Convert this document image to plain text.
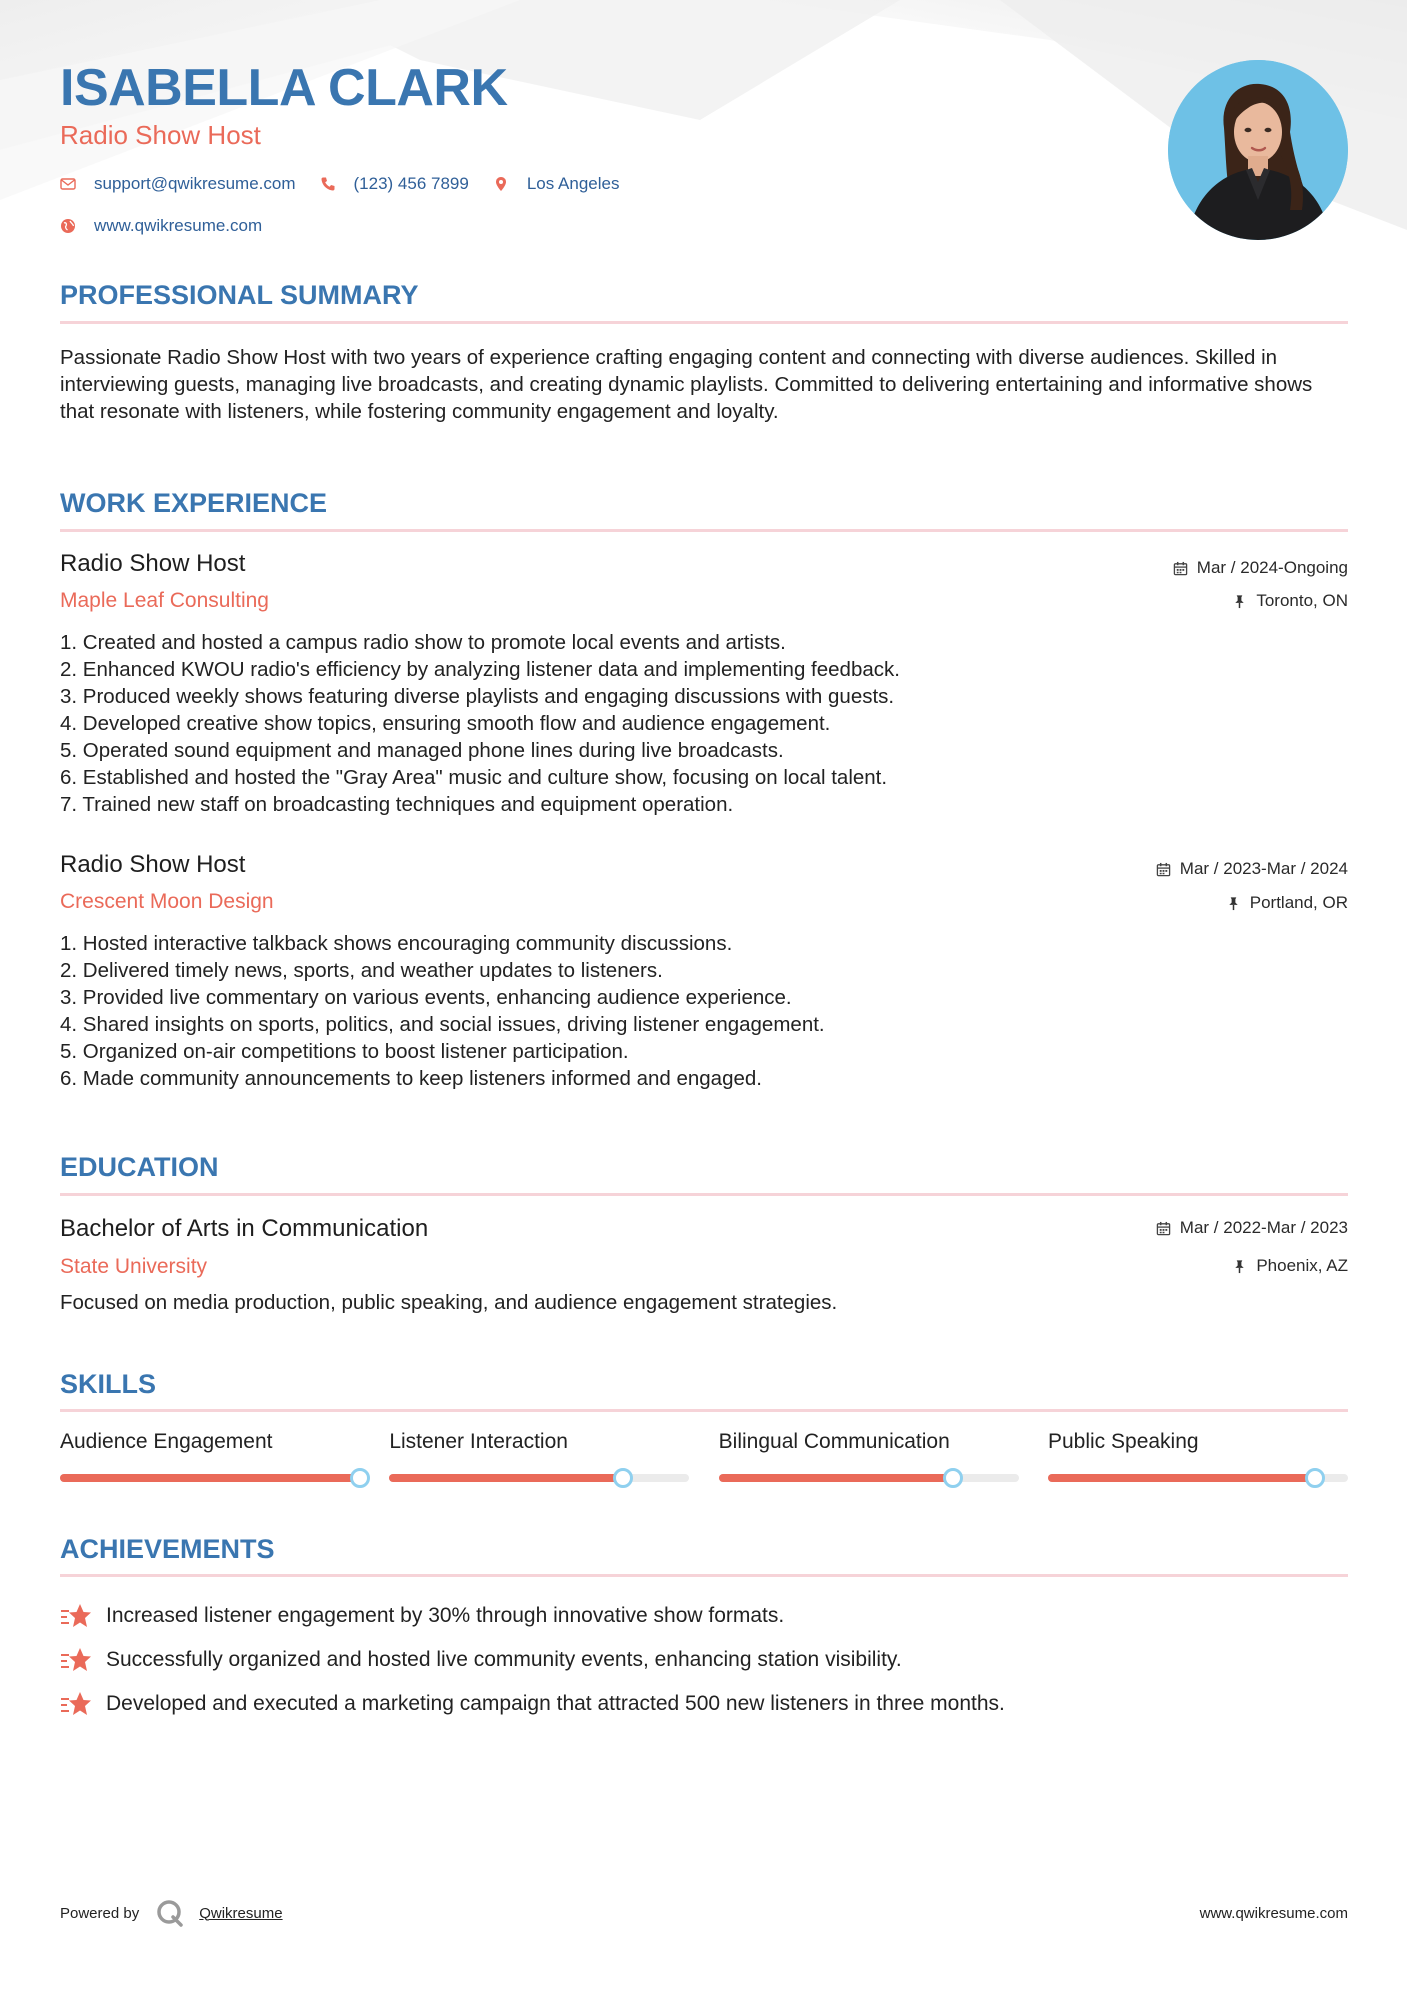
ISABELLA CLARK
Radio Show Host
support@qwikresume.com	(123) 456 7899	Los Angeles
www.qwikresume.com
PROFESSIONAL SUMMARY

Passionate Radio Show Host with two years of experience crafting engaging content and connecting with diverse audiences. Skilled in interviewing guests, managing live broadcasts, and creating dynamic playlists. Committed to delivering entertaining and informative shows that resonate with listeners, while fostering community engagement and loyalty.

WORK EXPERIENCE
Radio Show Host
Maple Leaf Consulting
Mar / 2024-Ongoing
Toronto, ON
1. Created and hosted a campus radio show to promote local events and artists.
2. Enhanced KWOU radio's efficiency by analyzing listener data and implementing feedback.
3. Produced weekly shows featuring diverse playlists and engaging discussions with guests.
4. Developed creative show topics, ensuring smooth flow and audience engagement.
5. Operated sound equipment and managed phone lines during live broadcasts.
6. Established and hosted the "Gray Area" music and culture show, focusing on local talent.
7. Trained new staff on broadcasting techniques and equipment operation.
Radio Show Host
Crescent Moon Design
Mar / 2023-Mar / 2024
Portland, OR
1. Hosted interactive talkback shows encouraging community discussions.
2. Delivered timely news, sports, and weather updates to listeners.
3. Provided live commentary on various events, enhancing audience experience.
4. Shared insights on sports, politics, and social issues, driving listener engagement.
5. Organized on-air competitions to boost listener participation.
6. Made community announcements to keep listeners informed and engaged.
EDUCATION
Bachelor of Arts in Communication
State University
Mar / 2022-Mar / 2023
Phoenix, AZ

Focused on media production, public speaking, and audience engagement strategies.

SKILLS
Audience Engagement	Listener Interaction	Bilingual Communication	Public Speaking
ACHIEVEMENTS
Increased listener engagement by 30% through innovative show formats.
Successfully organized and hosted live community events, enhancing station visibility.
Developed and executed a marketing campaign that attracted 500 new listeners in three months.
Powered by	Qwikresume	www.qwikresume.com
